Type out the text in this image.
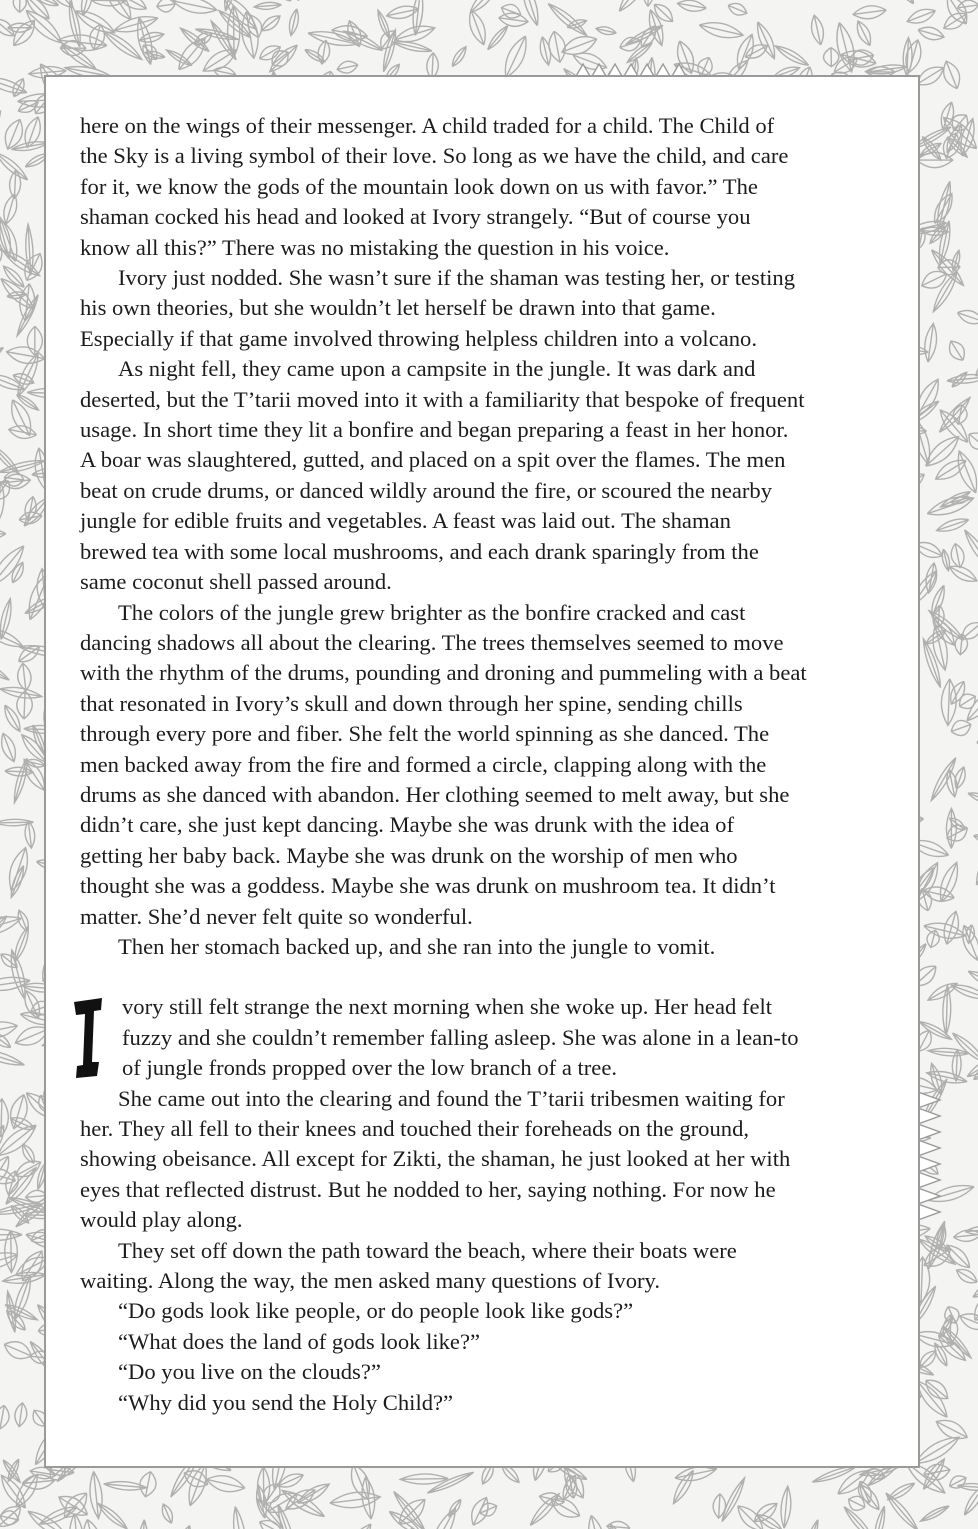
here on the wings of their messenger. A child traded for a child. The Child of
the Sky is a living symbol of their love. So long as we have the child, and care
for it, we know the gods of the mountain look down on us with favor.” The
shaman cocked his head and looked at Ivory strangely. “But of course you
know all this?” There was no mistaking the question in his voice.

Ivory just nodded. She wasn’t sure if the shaman was testing her, or testing
his own theories, but she wouldn’t let herself be drawn into that game.
Especially if that game involved throwing helpless children into a volcano.

As night fell, they came upon a campsite in the jungle. It was dark and
deserted, but the T’tarii moved into it with a familiarity that bespoke of frequent
usage. In short time they lit a bonfire and began preparing a feast in her honor.
A boar was slaughtered, gutted, and placed on a spit over the flames. The men
beat on crude drums, or danced wildly around the fire, or scoured the nearby
jungle for edible fruits and vegetables. A feast was laid out. The shaman
brewed tea with some local mushrooms, and each drank sparingly from the
same coconut shell passed around.

The colors of the jungle grew brighter as the bonfire cracked and cast
dancing shadows all about the clearing. The trees themselves seemed to move
with the rhythm of the drums, pounding and droning and pummeling with a beat
that resonated in Ivory’s skull and down through her spine, sending chills
through every pore and fiber. She felt the world spinning as she danced. The
men backed away from the fire and formed a circle, clapping along with the
drums as she danced with abandon. Her clothing seemed to melt away, but she
didn’t care, she just kept dancing. Maybe she was drunk with the idea of
getting her baby back. Maybe she was drunk on the worship of men who
thought she was a goddess. Maybe she was drunk on mushroom tea. It didn’t
matter. She’d never felt quite so wonderful.

Then her stomach backed up, and she ran into the jungle to vomit.

vory still felt strange the next morning when she woke up. Her head felt
fuzzy and she couldn’t remember falling asleep. She was alone in a lean-to
of jungle fronds propped over the low branch of a tree.

She came out into the clearing and found the T’tarii tribesmen waiting for
her. They all fell to their knees and touched their foreheads on the ground,
showing obeisance. All except for Zikti, the shaman, he just looked at her with
eyes that reflected distrust. But he nodded to her, saying nothing. For now he
would play along.

They set off down the path toward the beach, where their boats were
waiting. Along the way, the men asked many questions of Ivory.

“Do gods look like people, or do people look like gods?”

“What does the land of gods look like?”

“Do you live on the clouds?”

“Why did you send the Holy Child?”
